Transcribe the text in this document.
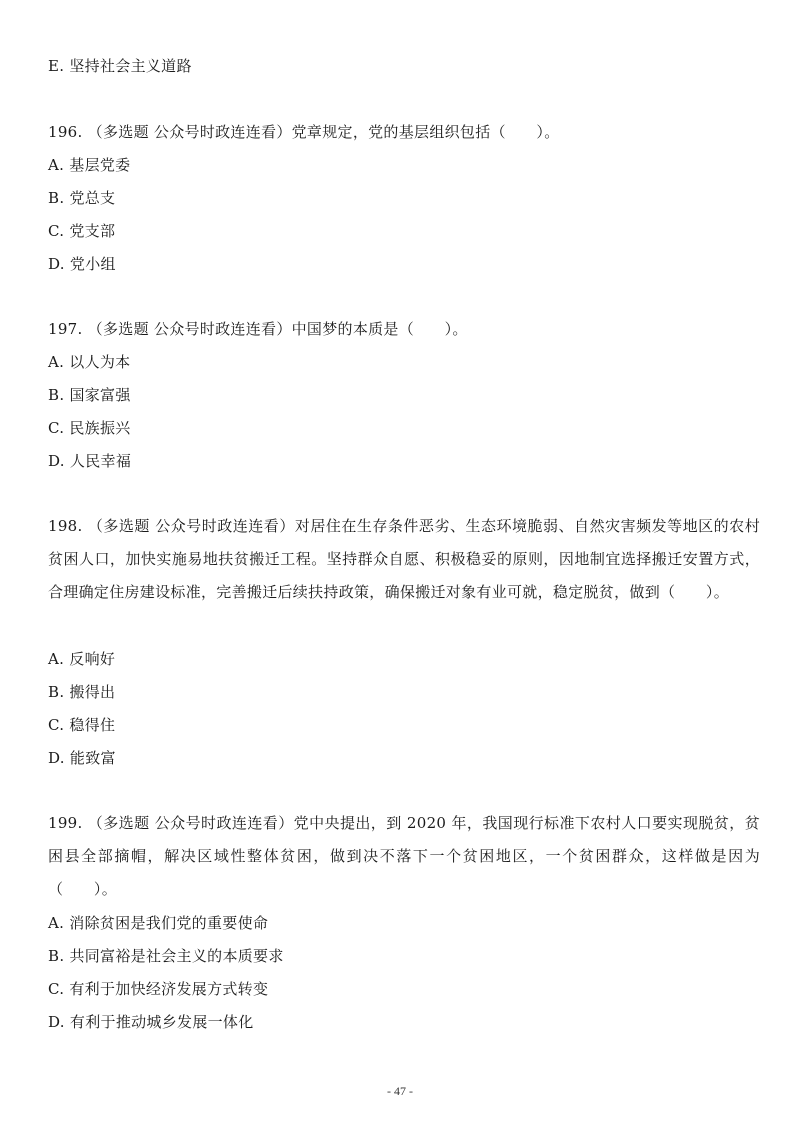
E. 坚持社会主义道路
196. （多选题 公众号时政连连看）党章规定，党的基层组织包括（　　）。
A. 基层党委
B. 党总支
C. 党支部
D. 党小组
197. （多选题 公众号时政连连看）中国梦的本质是（　　）。
A. 以人为本
B. 国家富强
C. 民族振兴
D. 人民幸福
198. （多选题 公众号时政连连看）对居住在生存条件恶劣、生态环境脆弱、自然灾害频发等地区的农村贫困人口，加快实施易地扶贫搬迁工程。坚持群众自愿、积极稳妥的原则，因地制宜选择搬迁安置方式，合理确定住房建设标准，完善搬迁后续扶持政策，确保搬迁对象有业可就，稳定脱贫，做到（　　）。
A. 反响好
B. 搬得出
C. 稳得住
D. 能致富
199. （多选题 公众号时政连连看）党中央提出，到 2020 年，我国现行标准下农村人口要实现脱贫，贫困县全部摘帽，解决区域性整体贫困，做到决不落下一个贫困地区，一个贫困群众，这样做是因为（　　）。
A. 消除贫困是我们党的重要使命
B. 共同富裕是社会主义的本质要求
C. 有利于加快经济发展方式转变
D. 有利于推动城乡发展一体化
- 47 -
